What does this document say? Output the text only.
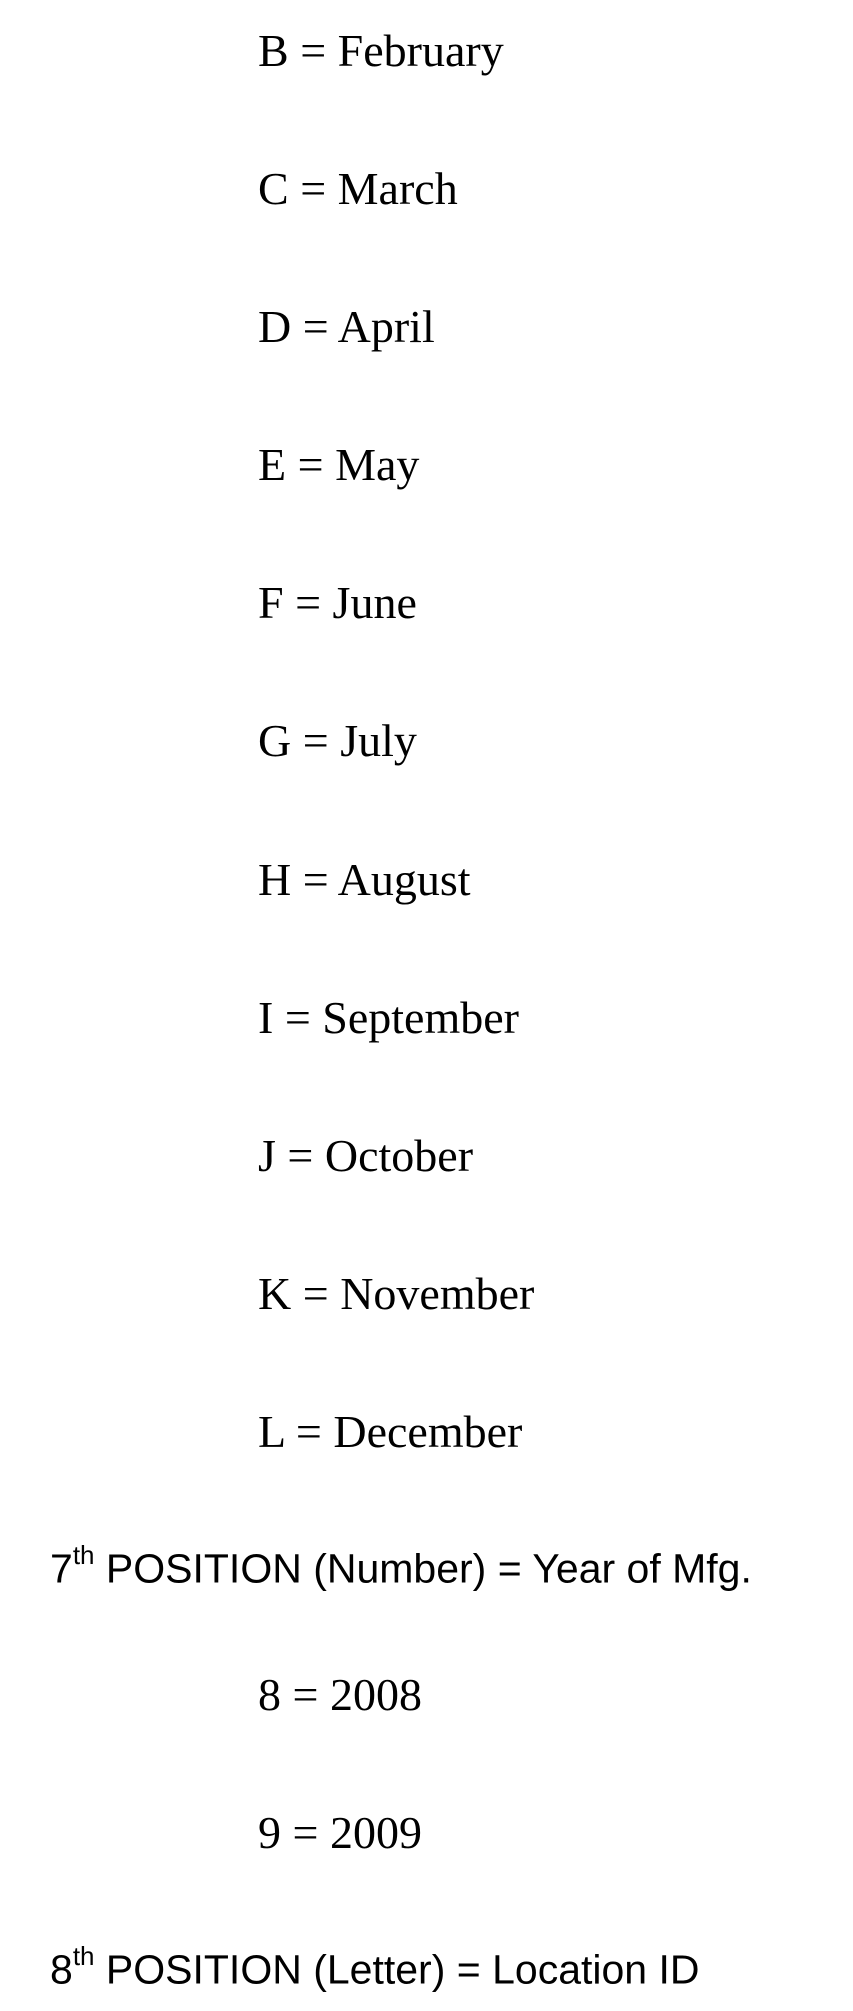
B = February
C = March
D = April
E = May
F = June
G = July
H = August
I = September
J = October
K = November
L = December
7th POSITION (Number) = Year of Mfg.
8 = 2008
9 = 2009
8th POSITION (Letter) = Location ID
